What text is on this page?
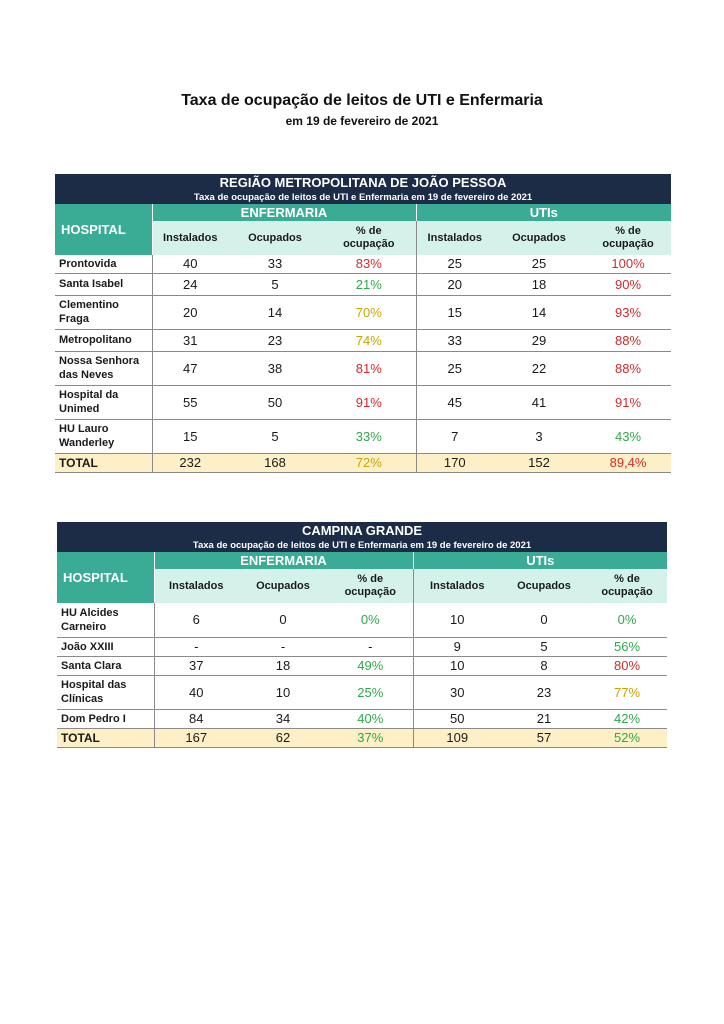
Taxa de ocupação de leitos de UTI e Enfermaria
em 19 de fevereiro de 2021
REGIÃO METROPOLITANA DE JOÃO PESSOA						
Taxa de ocupação de leitos de UTI e Enfermaria em 19 de fevereiro de 2021						
HOSPITAL	ENFERMARIA			UTIs		
	Instalados	Ocupados	% de
ocupação	Instalados	Ocupados	% de
ocupação
Prontovida	40	33	83%	25	25	100%
Santa Isabel	24	5	21%	20	18	90%
Clementino Fraga	20	14	70%	15	14	93%
Metropolitano	31	23	74%	33	29	88%
Nossa Senhora das Neves	47	38	81%	25	22	88%
Hospital da Unimed	55	50	91%	45	41	91%
HU Lauro Wanderley	15	5	33%	7	3	43%
TOTAL	232	168	72%	170	152	89,4%
CAMPINA GRANDE						
Taxa de ocupação de leitos de UTI e Enfermaria em 19 de fevereiro de 2021						
HOSPITAL	ENFERMARIA			UTIs		
	Instalados	Ocupados	% de
ocupação	Instalados	Ocupados	% de
ocupação
HU Alcides Carneiro	6	0	0%	10	0	0%
João XXIII	-	-	-	9	5	56%
Santa Clara	37	18	49%	10	8	80%
Hospital das Clínicas	40	10	25%	30	23	77%
Dom Pedro I	84	34	40%	50	21	42%
TOTAL	167	62	37%	109	57	52%
